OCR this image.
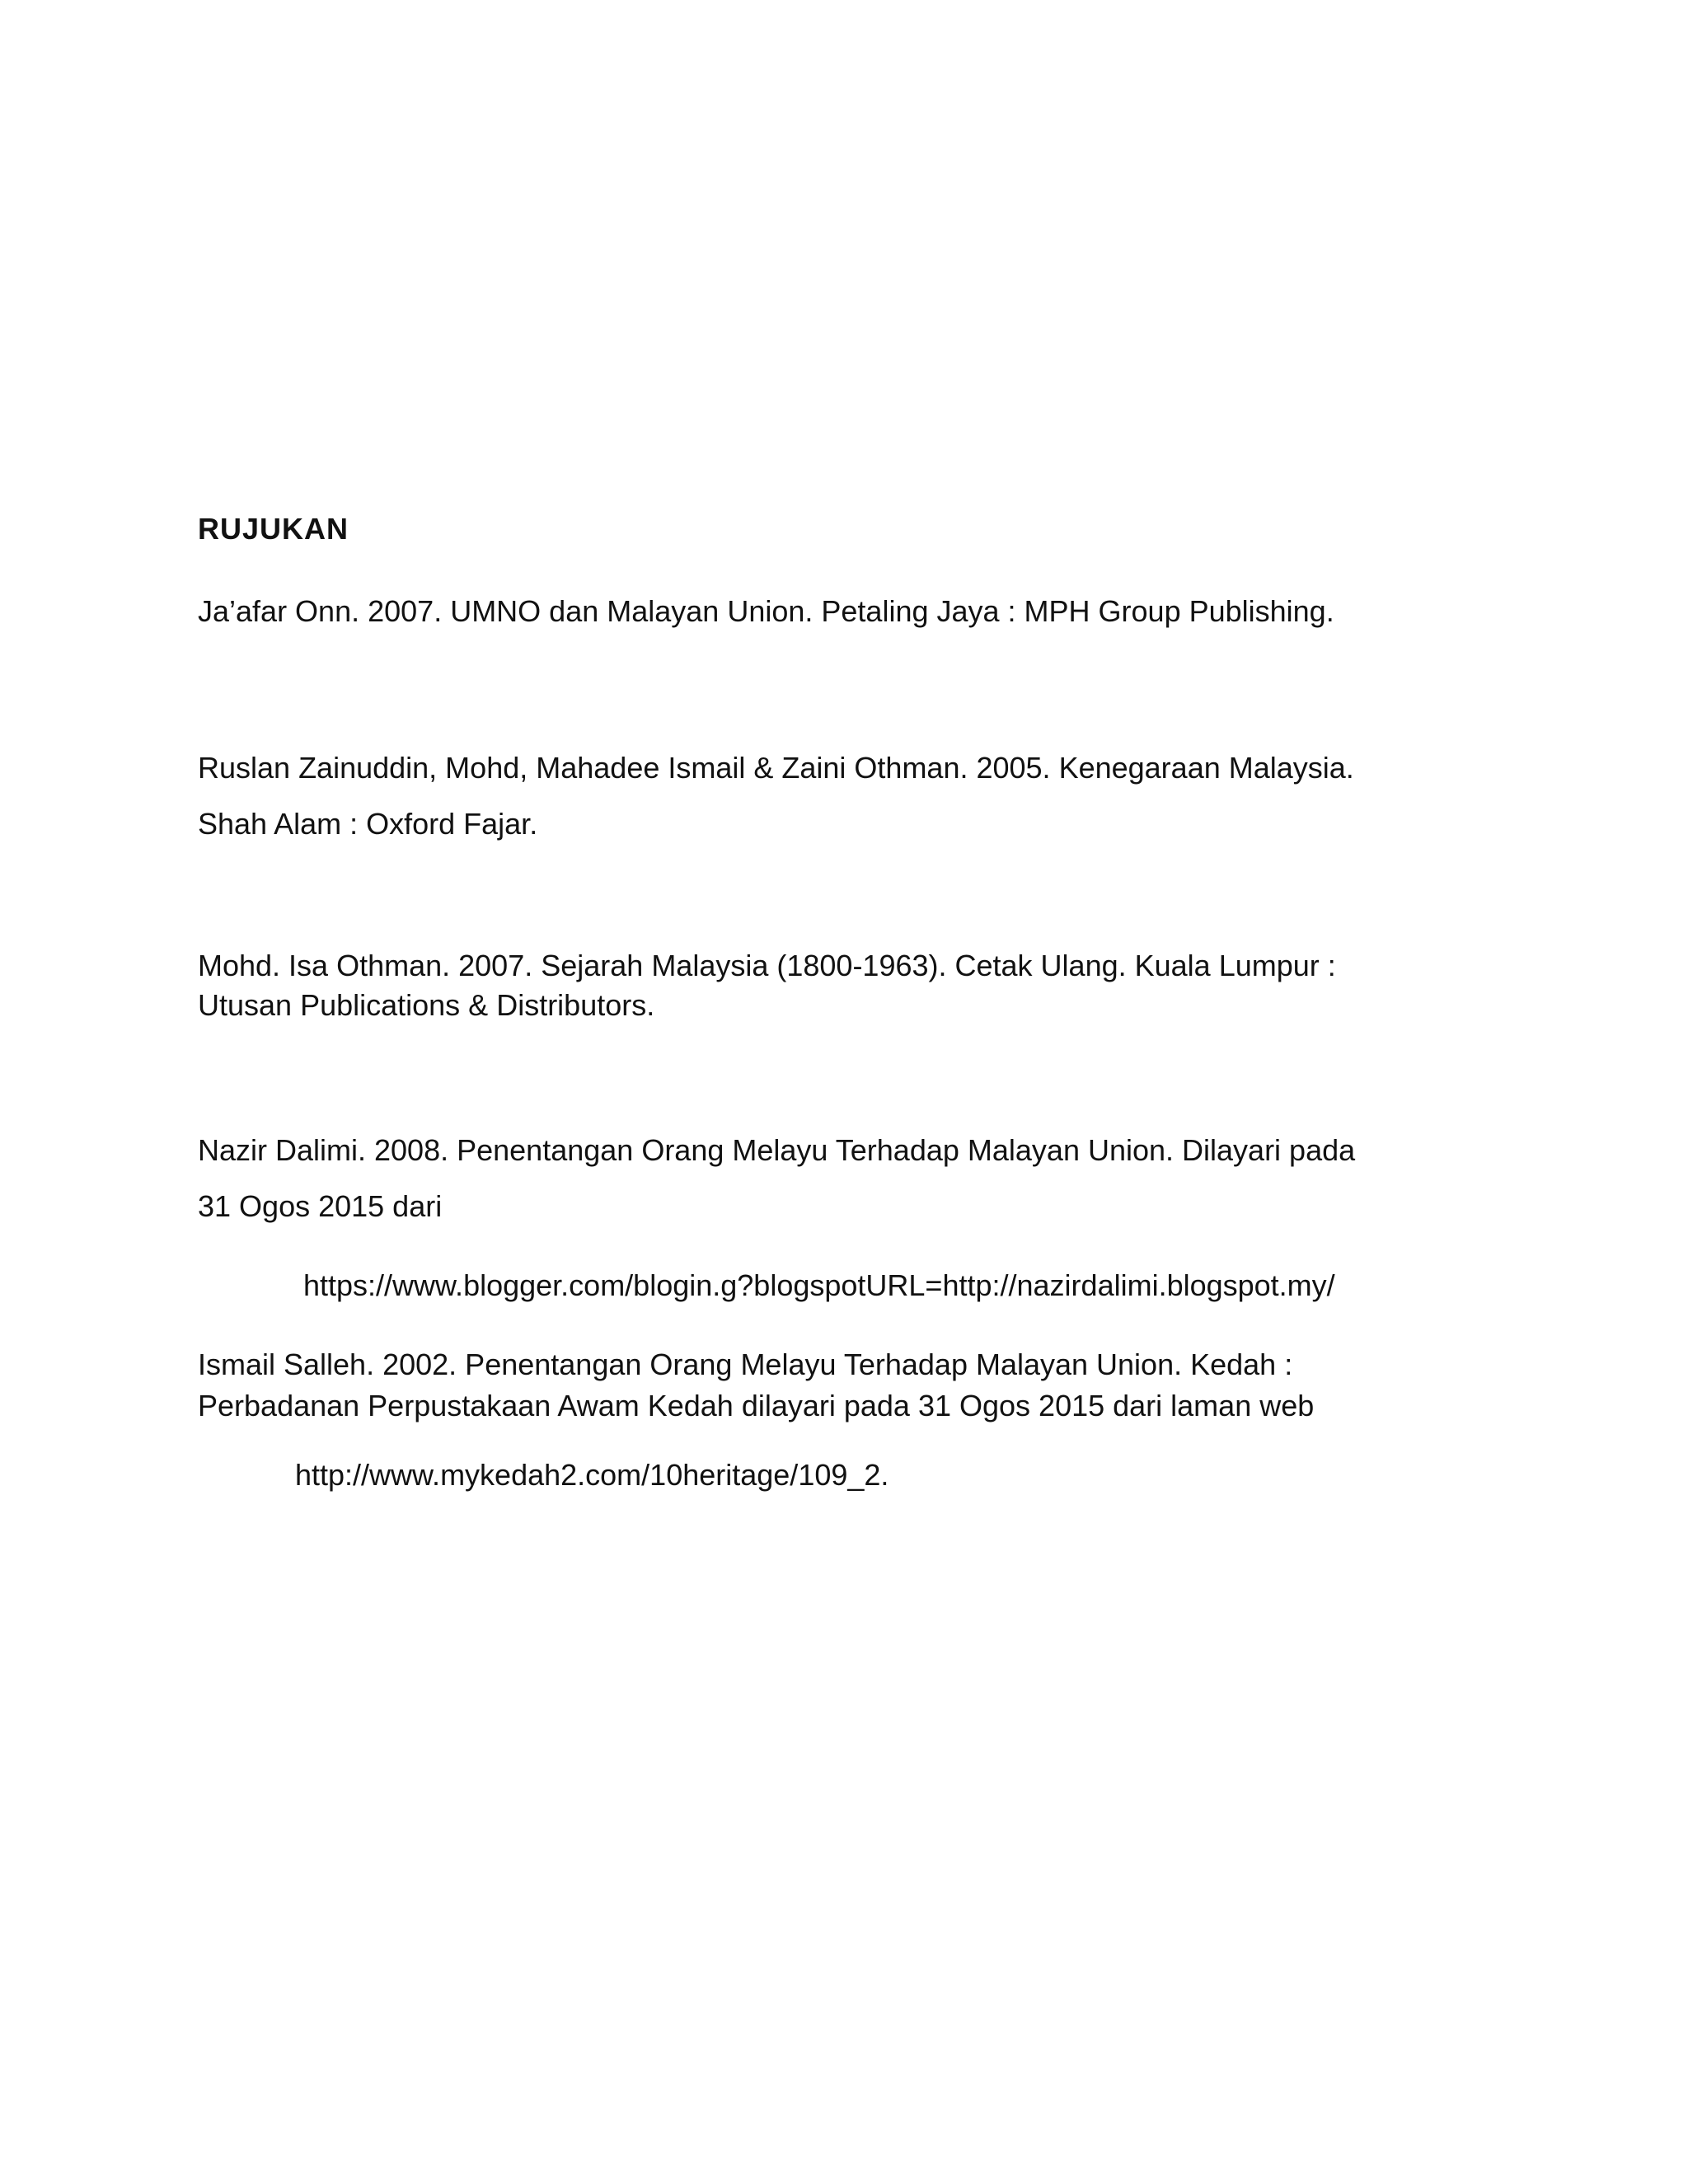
RUJUKAN
Ja’afar Onn. 2007. UMNO dan Malayan Union. Petaling Jaya : MPH Group Publishing.
Ruslan Zainuddin, Mohd, Mahadee Ismail & Zaini Othman. 2005. Kenegaraan Malaysia.
Shah Alam : Oxford Fajar.
Mohd. Isa Othman. 2007. Sejarah Malaysia (1800-1963). Cetak Ulang. Kuala Lumpur :
Utusan Publications & Distributors.
Nazir Dalimi. 2008. Penentangan Orang Melayu Terhadap Malayan Union. Dilayari pada
31 Ogos 2015 dari
https://www.blogger.com/blogin.g?blogspotURL=http://nazirdalimi.blogspot.my/
Ismail Salleh. 2002. Penentangan Orang Melayu Terhadap Malayan Union. Kedah :
Perbadanan Perpustakaan Awam Kedah dilayari pada 31 Ogos 2015 dari laman web
http://www.mykedah2.com/10heritage/109_2.
